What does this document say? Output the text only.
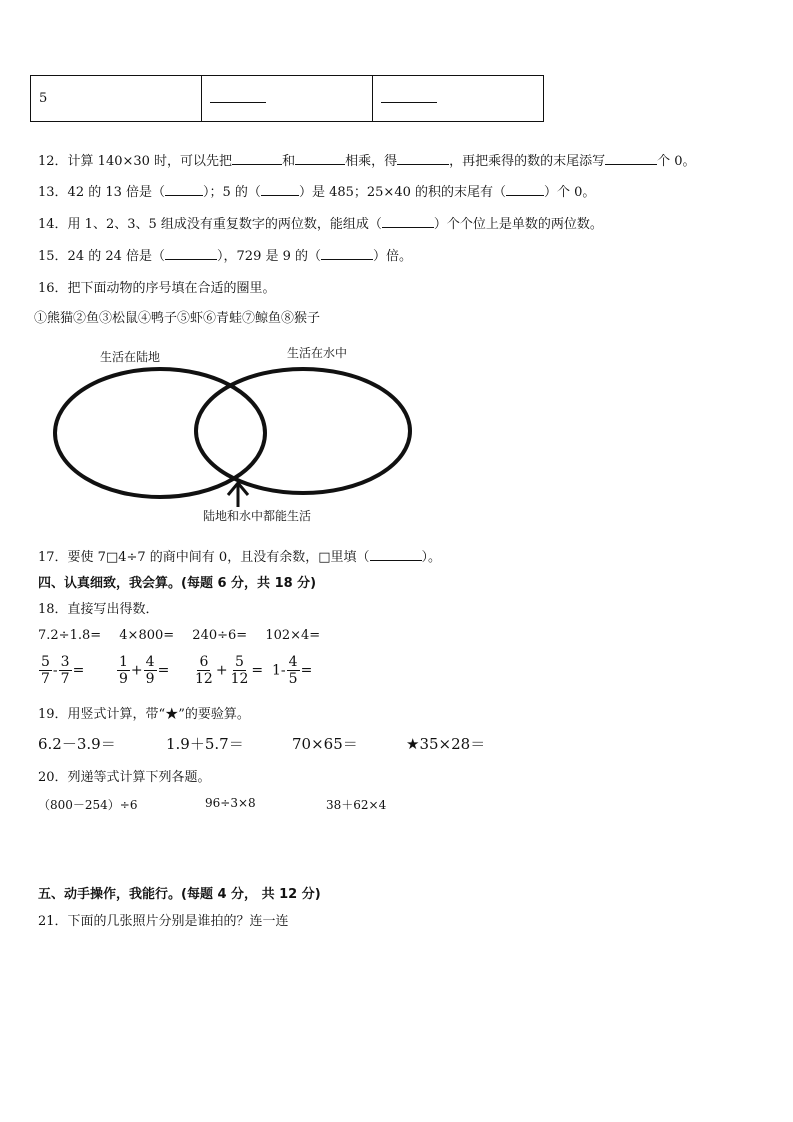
5		
12．计算 140×30 时，可以先把	和	相乘，得	，再把乘得的数的末尾添写	个 0。
13．42 的 13 倍是（	）；5 的（	）是 485；25×40 的积的末尾有（	）个 0。
14．用 1、2、3、5 组成没有重复数字的两位数，能组成（	）个个位上是单数的两位数。
15．24 的 24 倍是（	），729 是 9 的（	）倍。
16．把下面动物的序号填在合适的圈里。
①熊猫②鱼③松鼠④鸭子⑤虾⑥青蛙⑦鲸鱼⑧猴子
生活在陆地	生活在水中
陆地和水中都能生活
17．要使 7□4÷7 的商中间有 0，且没有余数，□里填（	）。
四、认真细致，我会算。(每题 6 分，共 18 分)
18．直接写出得数．
7.2÷1.8= 4×800= 240÷6= 102×4=
$\frac{5}{7} - \frac{3}{7} = \frac{1}{9} + \frac{4}{9} = \frac{6}{12} + \frac{5}{12} = 1- \frac{4}{5}$ =
19．用竖式计算，带“★”的要验算。
6.2－3.9＝	1.9＋5.7＝	70×65＝	★35×28＝
20．列递等式计算下列各题。
（800－254）÷6	96÷3×8	38＋62×4
五、动手操作，我能行。(每题 4 分， 共 12 分)
21．下面的几张照片分别是谁拍的？连一连
